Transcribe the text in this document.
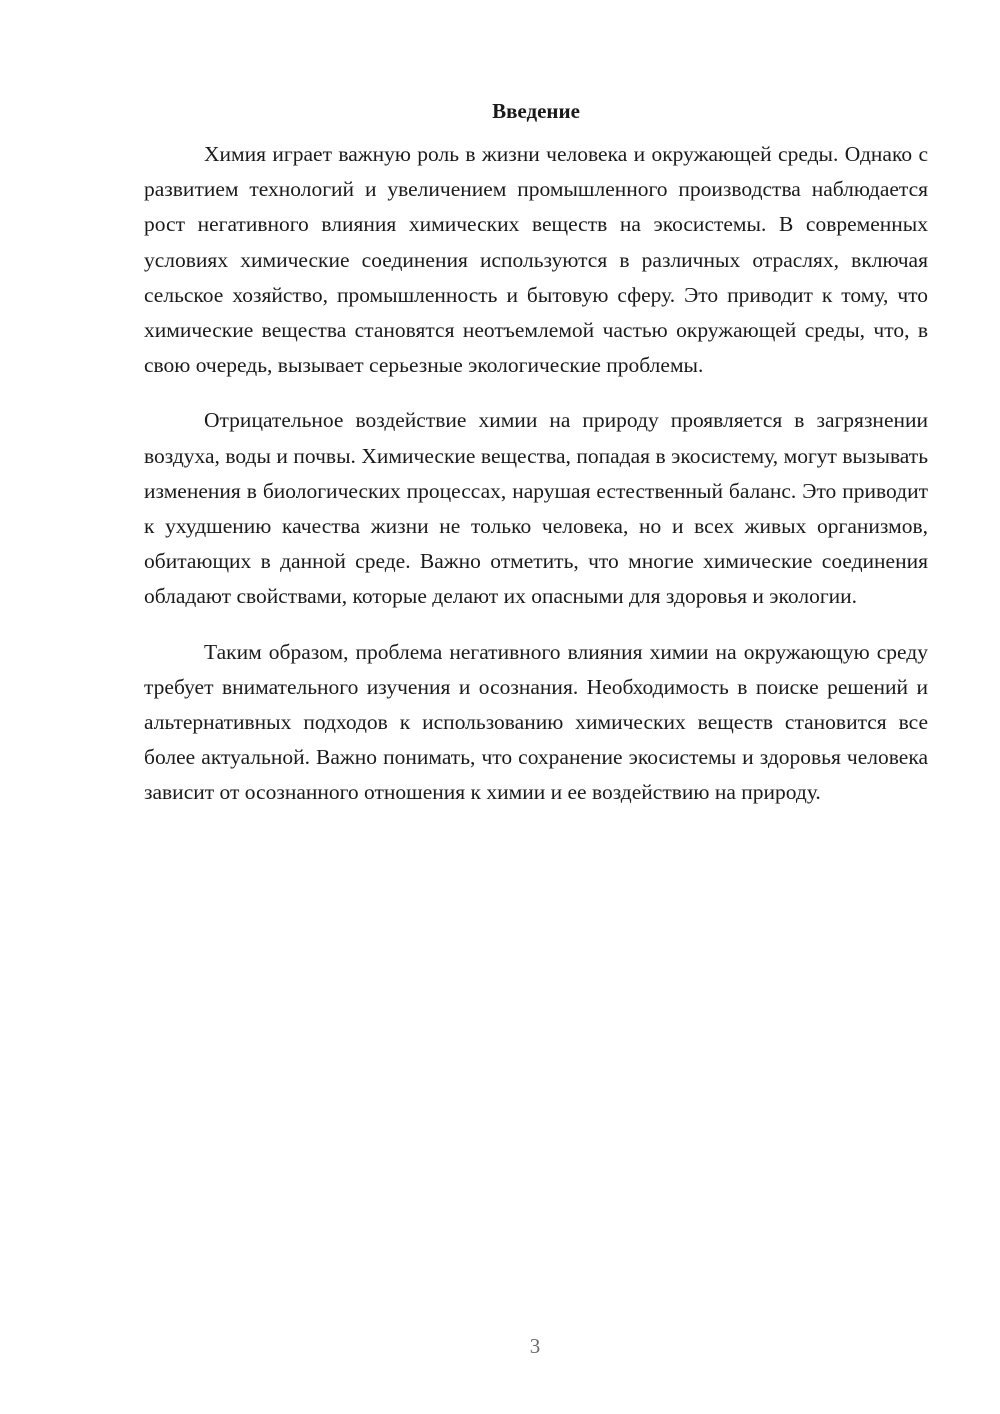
Введение

Химия играет важную роль в жизни человека и окружающей среды. Однако с развитием технологий и увеличением промышленного производства наблюдается рост негативного влияния химических веществ на экосистемы. В современных условиях химические соединения используются в различных отраслях, включая сельское хозяйство, промышленность и бытовую сферу. Это приводит к тому, что химические вещества становятся неотъемлемой частью окружающей среды, что, в свою очередь, вызывает серьезные экологические проблемы.

Отрицательное воздействие химии на природу проявляется в загрязнении воздуха, воды и почвы. Химические вещества, попадая в экосистему, могут вызывать изменения в биологических процессах, нарушая естественный баланс. Это приводит к ухудшению качества жизни не только человека, но и всех живых организмов, обитающих в данной среде. Важно отметить, что многие химические соединения обладают свойствами, которые делают их опасными для здоровья и экологии.

Таким образом, проблема негативного влияния химии на окружающую среду требует внимательного изучения и осознания. Необходимость в поиске решений и альтернативных подходов к использованию химических веществ становится все более актуальной. Важно понимать, что сохранение экосистемы и здоровья человека зависит от осознанного отношения к химии и ее воздействию на природу.

3
